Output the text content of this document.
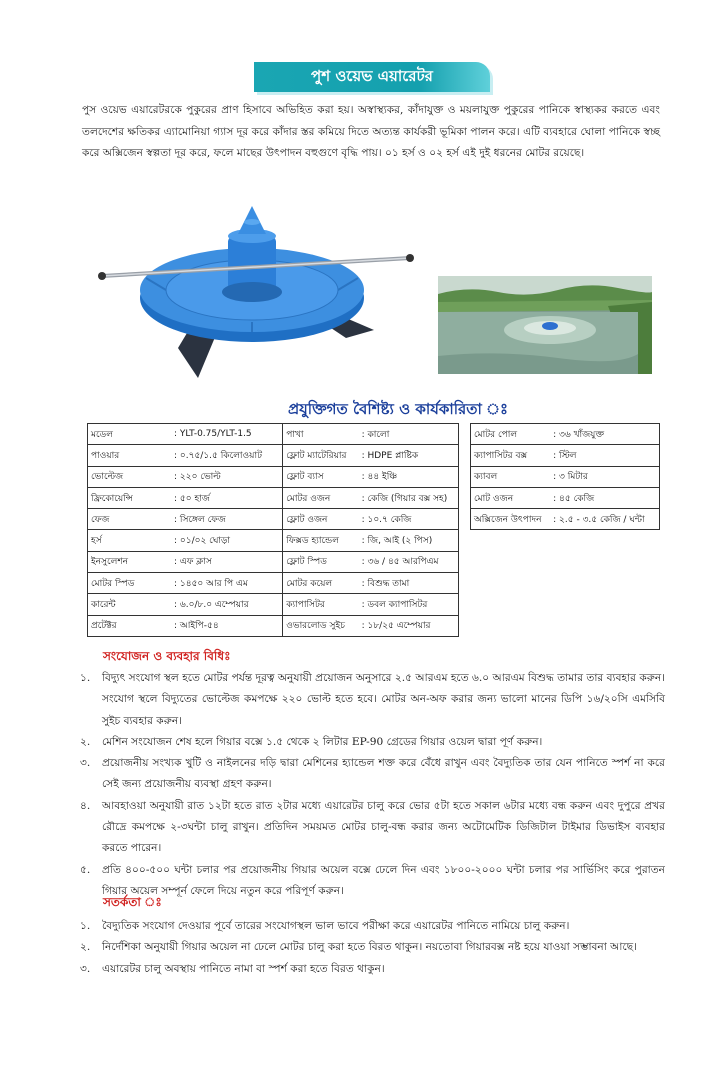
পুশ ওয়েভ এয়ারেটর

পুস ওয়েভ এয়ারেটরকে পুকুরের প্রাণ হিসাবে অভিহিত করা হয়। অস্বাস্থ্যকর, কাঁদাযুক্ত ও ময়লাযুক্ত পুকুরের পানিকে স্বাস্থ্যকর করতে এবং তলদেশের ক্ষতিকর এ্যামোনিয়া গ্যাস দূর করে কাঁদার স্তর কমিয়ে দিতে অত্যন্ত কার্যকরী ভূমিকা পালন করে। এটি ব্যবহারে ঘোলা পানিকে স্বচ্ছ করে অক্সিজেন স্বল্পতা দূর করে, ফলে মাছের উৎপাদন বহুগুণে বৃদ্ধি পায়। ০১ হর্স ও ০২ হর্স এই দুই ধরনের মোটর রয়েছে।

প্রযুক্তিগত বৈশিষ্ট্য ও কার্যকারিতা ঃ
মডেল	: YLT-0.75/YLT-1.5	পাখা	: কালো
পাওয়ার	: ০.৭৫/১.৫ কিলোওয়াট	ফ্লোট ম্যাটেরিয়ার	: HDPE প্লাষ্টিক
ভোল্টেজ	: ২২০ ভোল্ট	ফ্লোট ব্যাস	: ৪৪ ইঞ্চি
ফ্রিকোয়েন্সি	: ৫০ হার্জ	মোটর ওজন	: কেজি (গিয়ার বক্স সহ)
ফেজ	: সিঙ্গেল ফেজ	ফ্লোট ওজন	: ১০.৭ কেজি
হর্স	: ০১/০২ ঘোড়া	ফিক্সড হ্যান্ডেল	: জি, আই (২ পিস)
ইনসুলেশন	: এফ ক্লাস	ফ্লোট স্পিড	: ৩৬ / ৪৫ আরপিএম
মোটর স্পিড	: ১৪৫০ আর পি এম	মোটর কয়েল	: বিশুদ্ধ তামা
কারেন্ট	: ৬.০/৮.০ এম্পেয়ার	ক্যাপাসিটর	: ডবল ক্যাপাসিটর
প্রটেক্টর	: আইপি-৫৪	ওভারলোড সুইচ	: ১৮/২৫ এম্পেয়ার
মোটর পোল	: ৩৬ খাঁজযুক্ত
ক্যাপাসিটর বক্স	: স্টিল
ক্যাবল	: ৩ মিটার
মোট ওজন	: ৪৫ কেজি
অক্সিজেন উৎপাদন	: ২.৫ - ৩.৫ কেজি / ঘন্টা
সংযোজন ও ব্যবহার বিধিঃ
১.	বিদ্যুৎ সংযোগ স্থল হতে মোটর পর্যন্ত দূরত্ব অনুযায়ী প্রয়োজন অনুসারে ২.৫ আরএম হতে ৬.০ আরএম বিশুদ্ধ তামার তার ব্যবহার করুন। সংযোগ স্থলে বিদ্যুতের ভোল্টেজ কমপক্ষে ২২০ ভোল্ট হতে হবে। মোটর অন-অফ করার জন্য ভালো মানের ডিপি ১৬/২০সি এমসিবি সুইচ ব্যবহার করুন।
২.	মেশিন সংযোজন শেষ হলে গিয়ার বক্সে ১.৫ থেকে ২ লিটার EP-90 গ্রেডের গিয়ার ওয়েল দ্বারা পূর্ণ করুন।
৩.	প্রয়োজনীয় সংখ্যক খুটি ও নাইলনের দড়ি দ্বারা মেশিনের হ্যান্ডেল শক্ত করে বেঁধে রাখুন এবং বৈদ্যুতিক তার যেন পানিতে স্পর্শ না করে সেই জন্য প্রয়োজনীয় ব্যবস্থা গ্রহণ করুন।
৪.	আবহাওয়া অনুযায়ী রাত ১২টা হতে রাত ২টার মধ্যে এয়ারেটর চালু করে ভোর ৫টা হতে সকাল ৬টার মধ্যে বন্ধ করুন এবং দুপুরে প্রখর রৌদ্রে কমপক্ষে ২-৩ঘন্টা চালু রাখুন। প্রতিদিন সময়মত মোটর চালু-বন্ধ করার জন্য অটোমেটিক ডিজিটাল টাইমার ডিভাইস ব্যবহার করতে পারেন।
৫.	প্রতি ৪০০-৫০০ ঘন্টা চলার পর প্রয়োজনীয় গিয়ার অয়েল বক্সে ঢেলে দিন এবং ১৮০০-২০০০ ঘন্টা চলার পর সার্ভিসিং করে পুরাতন গিয়ার অয়েল সম্পূর্ন ফেলে দিয়ে নতুন করে পরিপূর্ণ করুন।
সতর্কতা ঃ
১.	বৈদ্যুতিক সংযোগ দেওয়ার পূর্বে তারের সংযোগস্থল ভাল ভাবে পরীক্ষা করে এয়ারেটর পানিতে নামিয়ে চালু করুন।
২.	নির্দেশিকা অনুযায়ী গিয়ার অয়েল না ঢেলে মোটর চালু করা হতে বিরত থাকুন। নয়তোবা গিয়ারবক্স নষ্ট হয়ে যাওয়া সম্ভাবনা আছে।
৩.	এয়ারেটর চালু অবস্থায় পানিতে নামা বা স্পর্শ করা হতে বিরত থাকুন।
